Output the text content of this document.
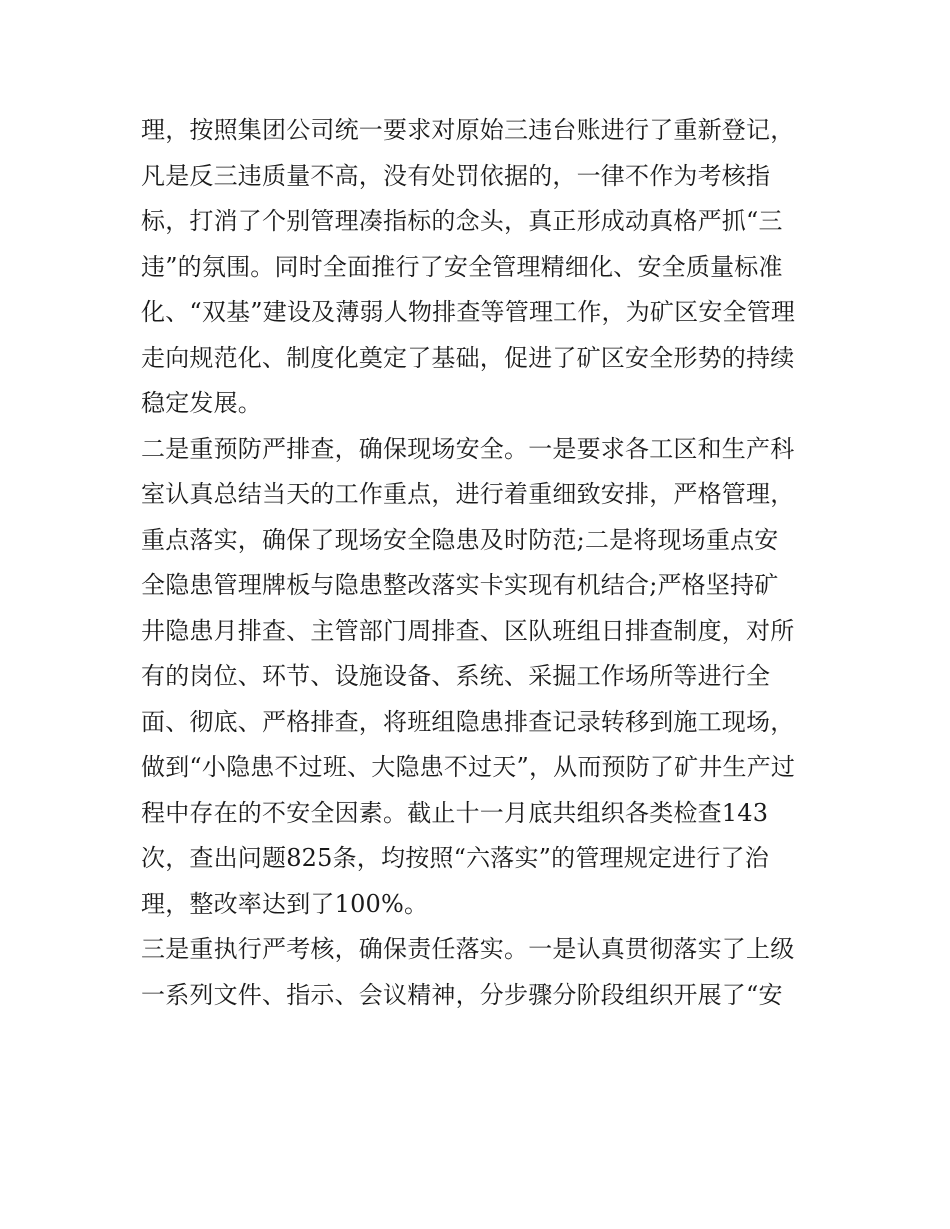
理，按照集团公司统一要求对原始三违台账进行了重新登记，
凡是反三违质量不高，没有处罚依据的，一律不作为考核指
标，打消了个别管理凑指标的念头，真正形成动真格严抓“三
违”的氛围。同时全面推行了安全管理精细化、安全质量标准
化、“双基”建设及薄弱人物排查等管理工作，为矿区安全管理
走向规范化、制度化奠定了基础，促进了矿区安全形势的持续
稳定发展。
二是重预防严排查，确保现场安全。一是要求各工区和生产科
室认真总结当天的工作重点，进行着重细致安排，严格管理，
重点落实，确保了现场安全隐患及时防范;二是将现场重点安
全隐患管理牌板与隐患整改落实卡实现有机结合;严格坚持矿
井隐患月排查、主管部门周排查、区队班组日排查制度，对所
有的岗位、环节、设施设备、系统、采掘工作场所等进行全
面、彻底、严格排查，将班组隐患排查记录转移到施工现场，
做到“小隐患不过班、大隐患不过天”，从而预防了矿井生产过
程中存在的不安全因素。截止十一月底共组织各类检查143
次，查出问题825条，均按照“六落实”的管理规定进行了治
理，整改率达到了100%。
三是重执行严考核，确保责任落实。一是认真贯彻落实了上级
一系列文件、指示、会议精神，分步骤分阶段组织开展了“安
